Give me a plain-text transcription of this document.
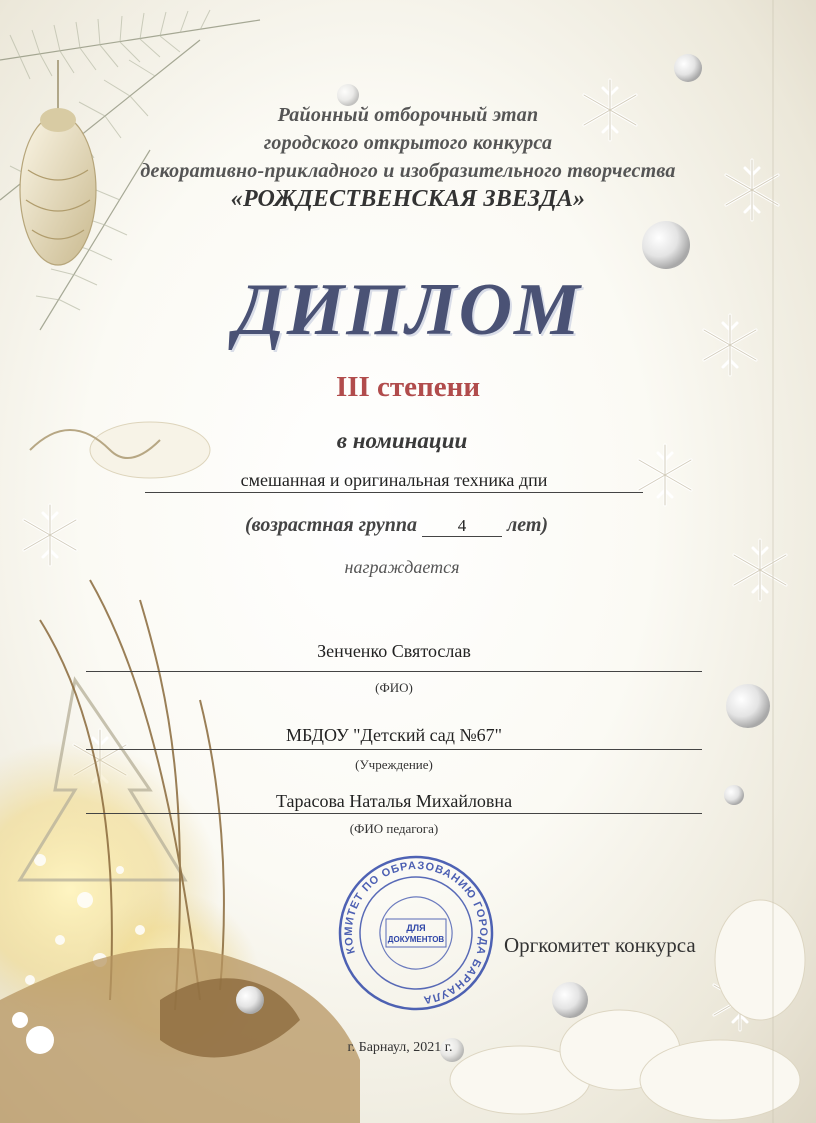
Районный отборочный этап
городского открытого конкурса
декоративно-прикладного и изобразительного творчества
«РОЖДЕСТВЕНСКАЯ ЗВЕЗДА»
ДИПЛОМ
III степени
в номинации
смешанная и оригинальная техника дпи
(возрастная группа 4 лет)
награждается
Зенченко Святослав
(ФИО)
МБДОУ "Детский сад №67"
(Учреждение)
Тарасова Наталья Михайловна
(ФИО педагога)
КОМИТЕТ ПО ОБРАЗОВАНИЮ ГОРОДА БАРНАУЛА
ДЛЯ
ДОКУМЕНТОВ	Оргкомитет конкурса
г. Барнаул, 2021 г.
